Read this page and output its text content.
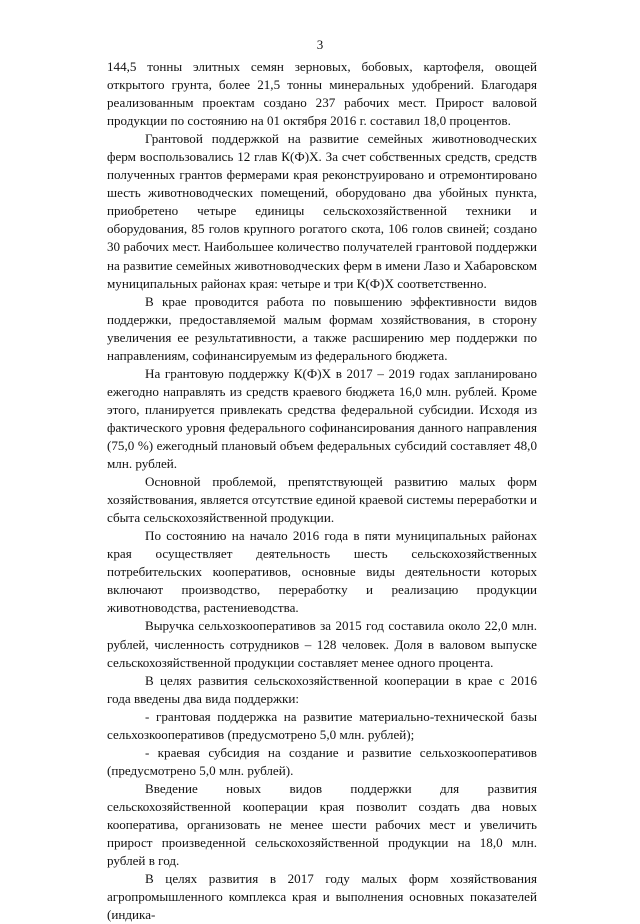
3

144,5 тонны элитных семян зерновых, бобовых, картофеля, овощей открытого грунта, более 21,5 тонны минеральных удобрений. Благодаря реализованным проектам создано 237 рабочих мест. Прирост валовой продукции по состоянию на 01 октября 2016 г. составил 18,0 процентов.

Грантовой поддержкой на развитие семейных животноводческих ферм воспользовались 12 глав К(Ф)Х. За счет собственных средств, средств полученных грантов фермерами края реконструировано и отремонтировано шесть животноводческих помещений, оборудовано два убойных пункта, приобретено четыре единицы сельскохозяйственной техники и оборудования, 85 голов крупного рогатого скота, 106 голов свиней; создано 30 рабочих мест. Наибольшее количество получателей грантовой поддержки на развитие семейных животноводческих ферм в имени Лазо и Хабаровском муниципальных районах края: четыре и три К(Ф)Х соответственно.

В крае проводится работа по повышению эффективности видов поддержки, предоставляемой малым формам хозяйствования, в сторону увеличения ее результативности, а также расширению мер поддержки по направлениям, софинансируемым из федерального бюджета.

На грантовую поддержку К(Ф)Х в 2017 – 2019 годах запланировано ежегодно направлять из средств краевого бюджета 16,0 млн. рублей. Кроме этого, планируется привлекать средства федеральной субсидии. Исходя из фактического уровня федерального софинансирования данного направления (75,0 %) ежегодный плановый объем федеральных субсидий составляет 48,0 млн. рублей.

Основной проблемой, препятствующей развитию малых форм хозяйствования, является отсутствие единой краевой системы переработки и сбыта сельскохозяйственной продукции.

По состоянию на начало 2016 года в пяти муниципальных районах края осуществляет деятельность шесть сельскохозяйственных потребительских кооперативов, основные виды деятельности которых включают производство, переработку и реализацию продукции животноводства, растениеводства.

Выручка сельхозкооперативов за 2015 год составила около 22,0 млн. рублей, численность сотрудников – 128 человек. Доля в валовом выпуске сельскохозяйственной продукции составляет менее одного процента.

В целях развития сельскохозяйственной кооперации в крае с 2016 года введены два вида поддержки:

- грантовая поддержка на развитие материально-технической базы сельхозкооперативов (предусмотрено 5,0 млн. рублей);

- краевая субсидия на создание и развитие сельхозкооперативов (предусмотрено 5,0 млн. рублей).

Введение новых видов поддержки для развития сельскохозяйственной кооперации края позволит создать два новых кооператива, организовать не менее шести рабочих мест и увеличить прирост произведенной сельскохозяйственной продукции на 18,0 млн. рублей в год.

В целях развития в 2017 году малых форм хозяйствования агропромышленного комплекса края и выполнения основных показателей (индика-
